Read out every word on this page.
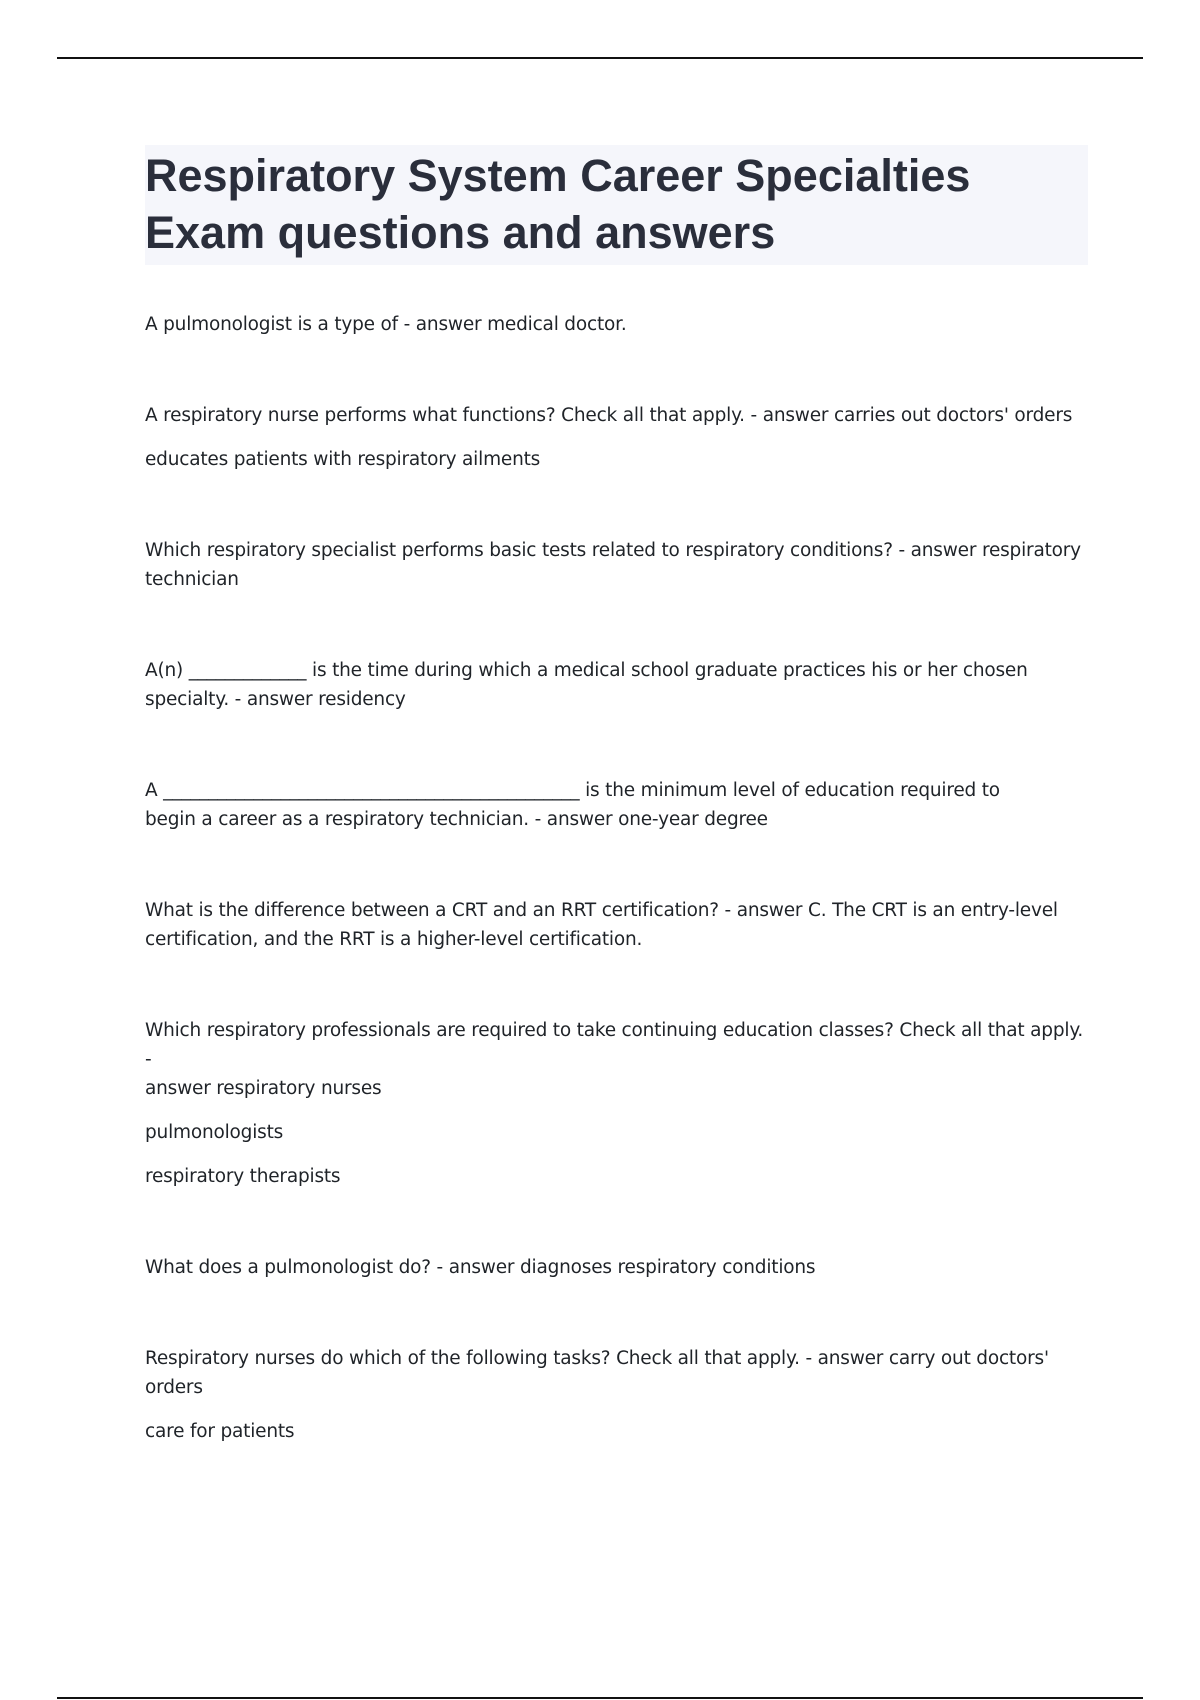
Respiratory System Career Specialties
Exam questions and answers

A pulmonologist is a type of - answer medical doctor.

A respiratory nurse performs what functions? Check all that apply. - answer carries out doctors' orders

educates patients with respiratory ailments

Which respiratory specialist performs basic tests related to respiratory conditions? - answer respiratory

technician

A(n) _____________ is the time during which a medical school graduate practices his or her chosen

specialty. - answer residency

A ______________________________________________ is the minimum level of education required to

begin a career as a respiratory technician. - answer one-year degree

What is the difference between a CRT and an RRT certification? - answer C. The CRT is an entry-level

certification, and the RRT is a higher-level certification.

Which respiratory professionals are required to take continuing education classes? Check all that apply. -

answer respiratory nurses

pulmonologists

respiratory therapists

What does a pulmonologist do? - answer diagnoses respiratory conditions

Respiratory nurses do which of the following tasks? Check all that apply. - answer carry out doctors'

orders

care for patients
